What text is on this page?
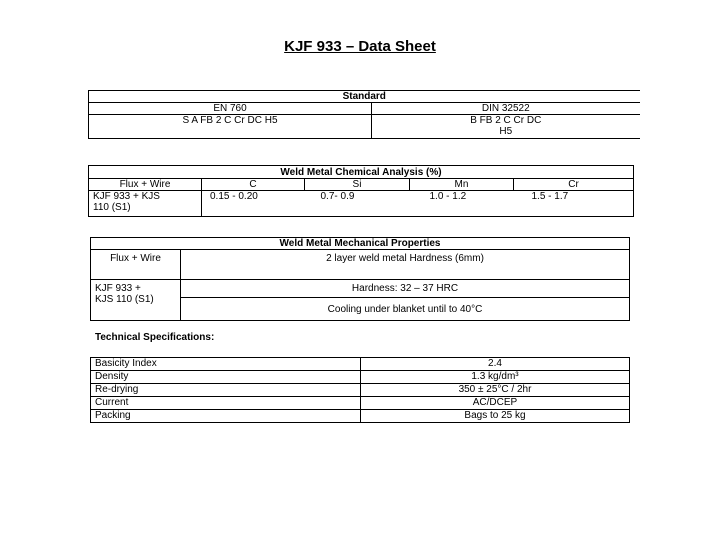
KJF 933 – Data Sheet
Standard	
EN 760	DIN 32522
S A FB 2 C Cr DC H5	B FB 2 C Cr DC
H5
Weld Metal Chemical Analysis (%)				
Flux + Wire	C	Si	Mn	Cr

KJF 933 + KJS
110 (S1)	0.15 - 0.20	0.7- 0.9	1.0 - 1.2	1.5 - 1.7
Weld Metal Mechanical Properties	
Flux + Wire	2 layer weld metal Hardness (6mm)

KJF 933 +
KJS 110 (S1)	Hardness: 32 – 37 HRC
	Cooling under blanket until to 40°C
Technical Specifications:
Basicity Index	2.4
Density	1.3 kg/dm³
Re-drying	350 ± 25°C / 2hr
Current	AC/DCEP
Packing	Bags to 25 kg
